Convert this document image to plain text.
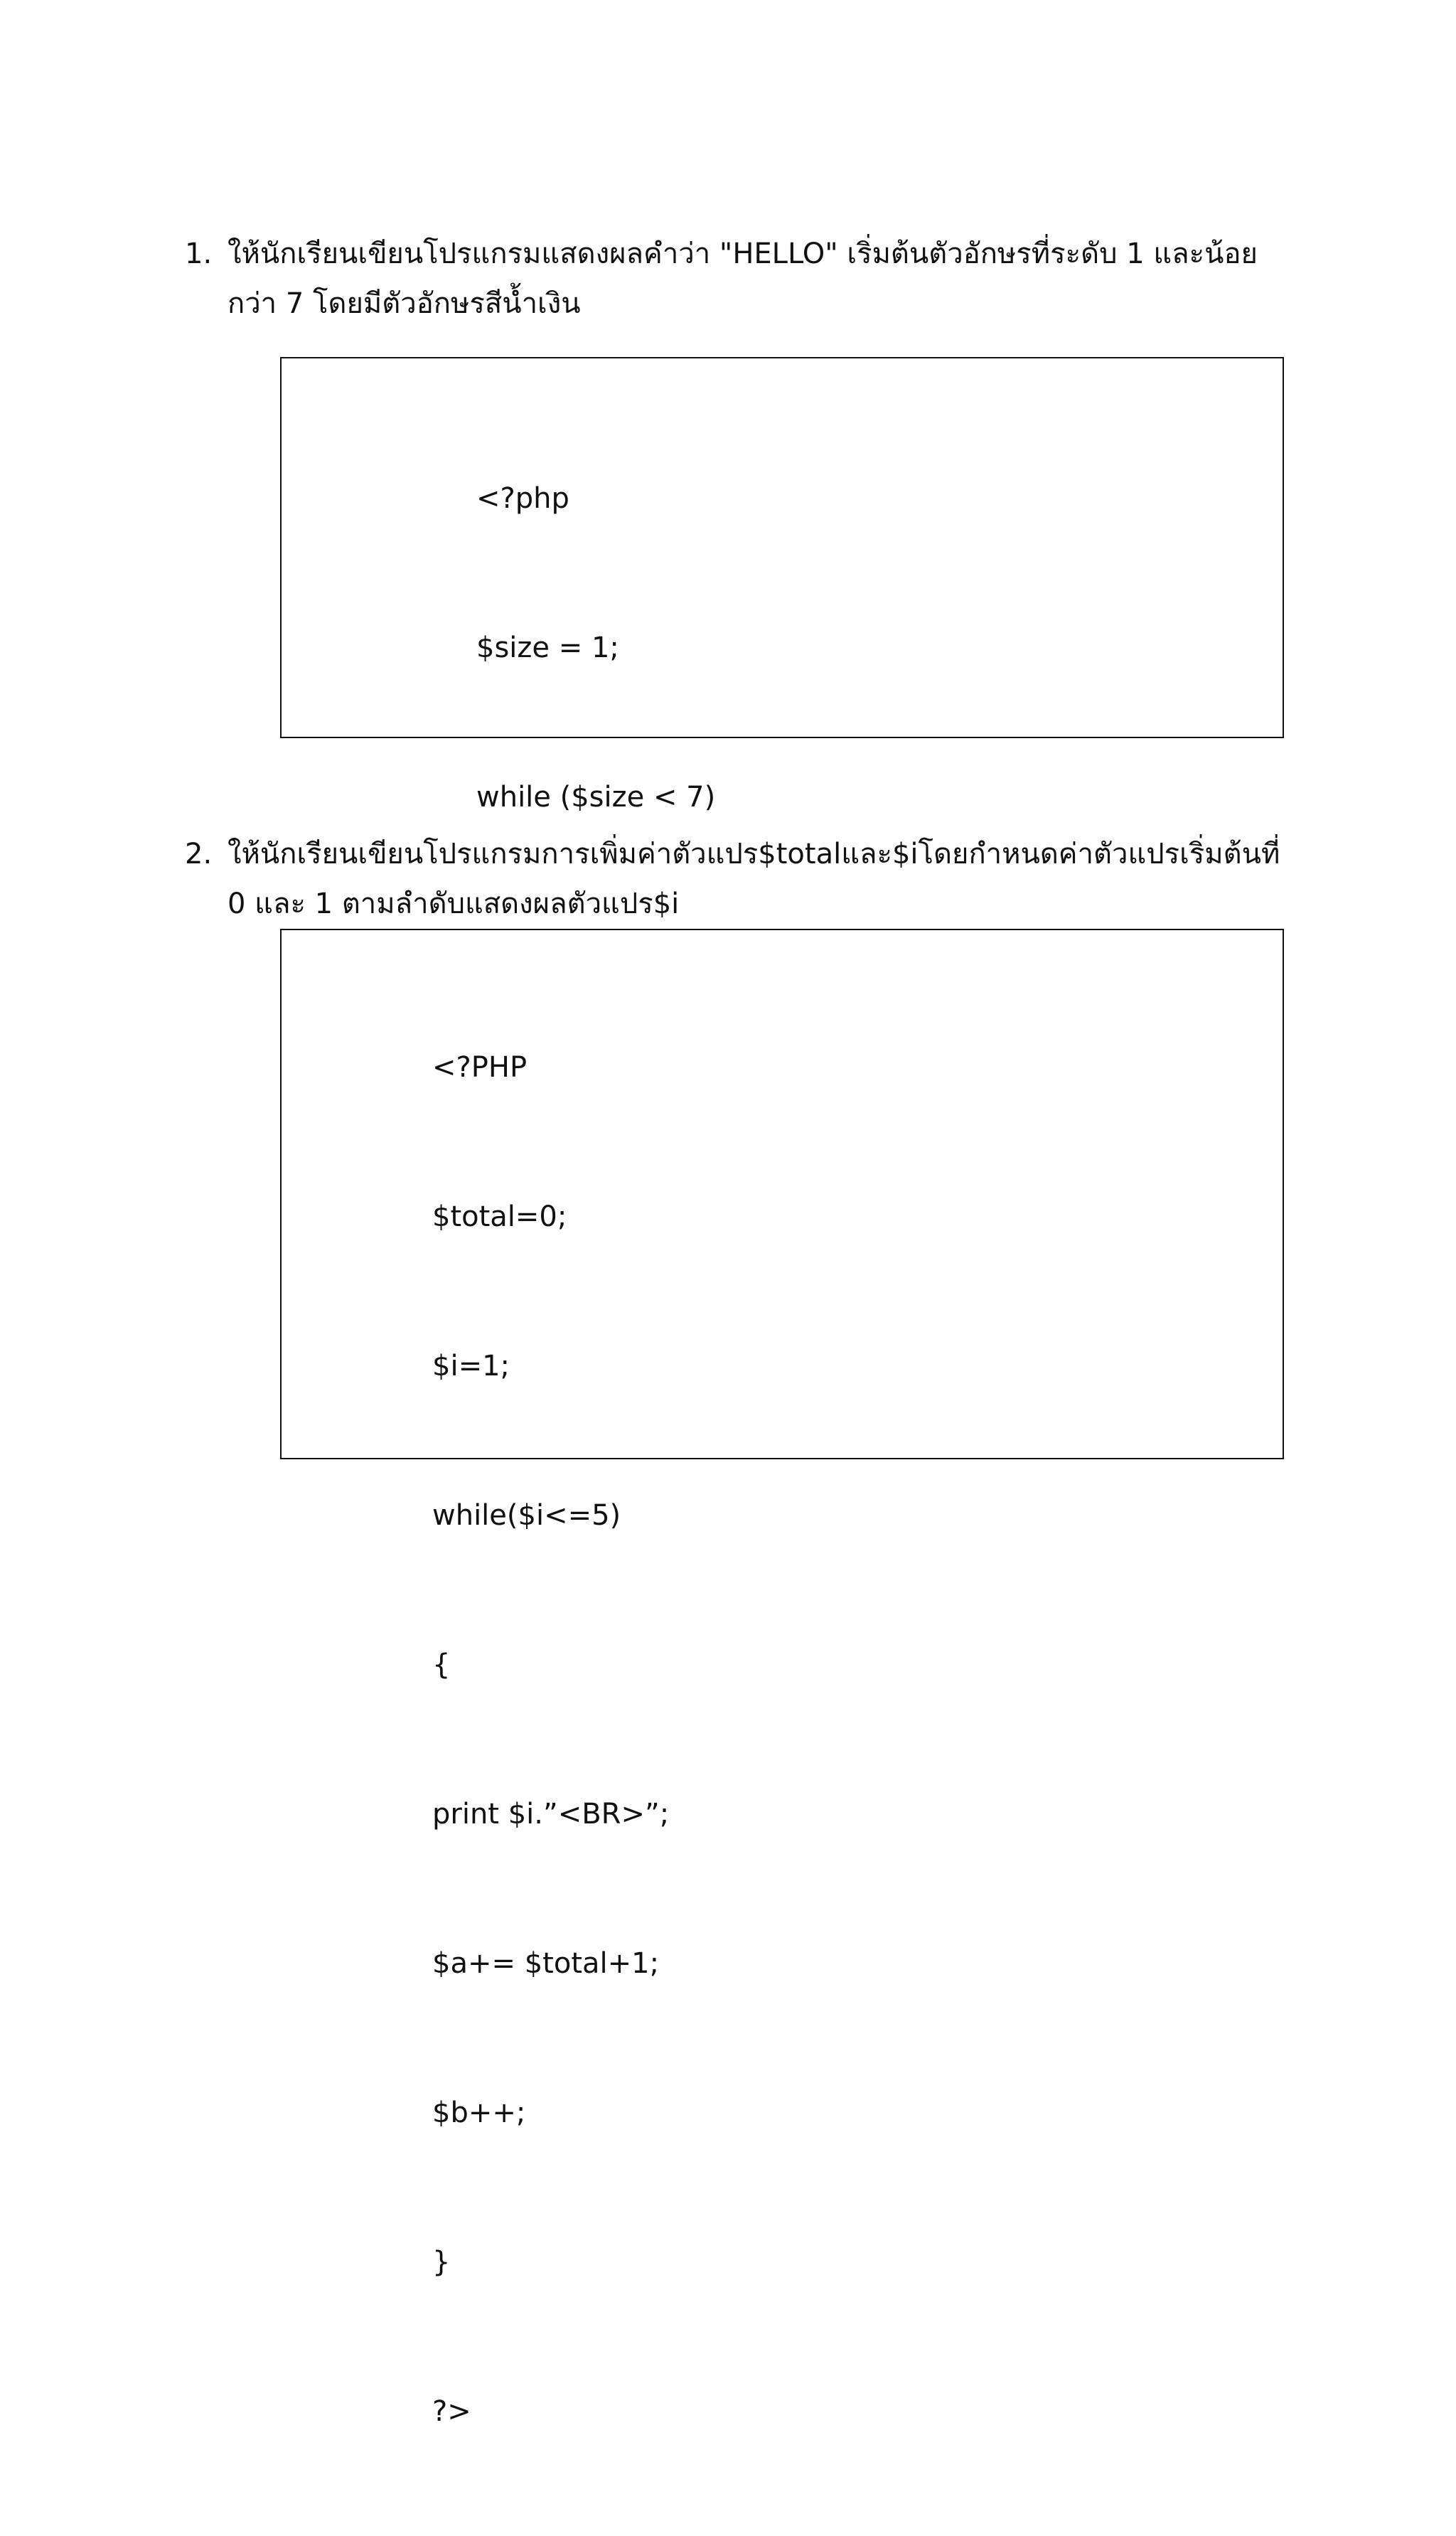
1. ให้นักเรียนเขียนโปรแกรมแสดงผลคำว่า "HELLO" เริ่มต้นตัวอักษรที่ระดับ 1 และน้อยกว่า 7 โดยมีตัวอักษรสีน้ำเงิน

<?php

$size = 1;

while ($size < 7)

2. ให้นักเรียนเขียนโปรแกรมการเพิ่มค่าตัวแปร$totalและ$iโดยกำหนดค่าตัวแปรเริ่มต้นที่ 0 และ 1 ตามลำดับแสดงผลตัวแปร$i

<?PHP

$total=0;

$i=1;

while($i<=5)

{

print $i.”<BR>”;

$a+= $total+1;

$b++;

}

?>
